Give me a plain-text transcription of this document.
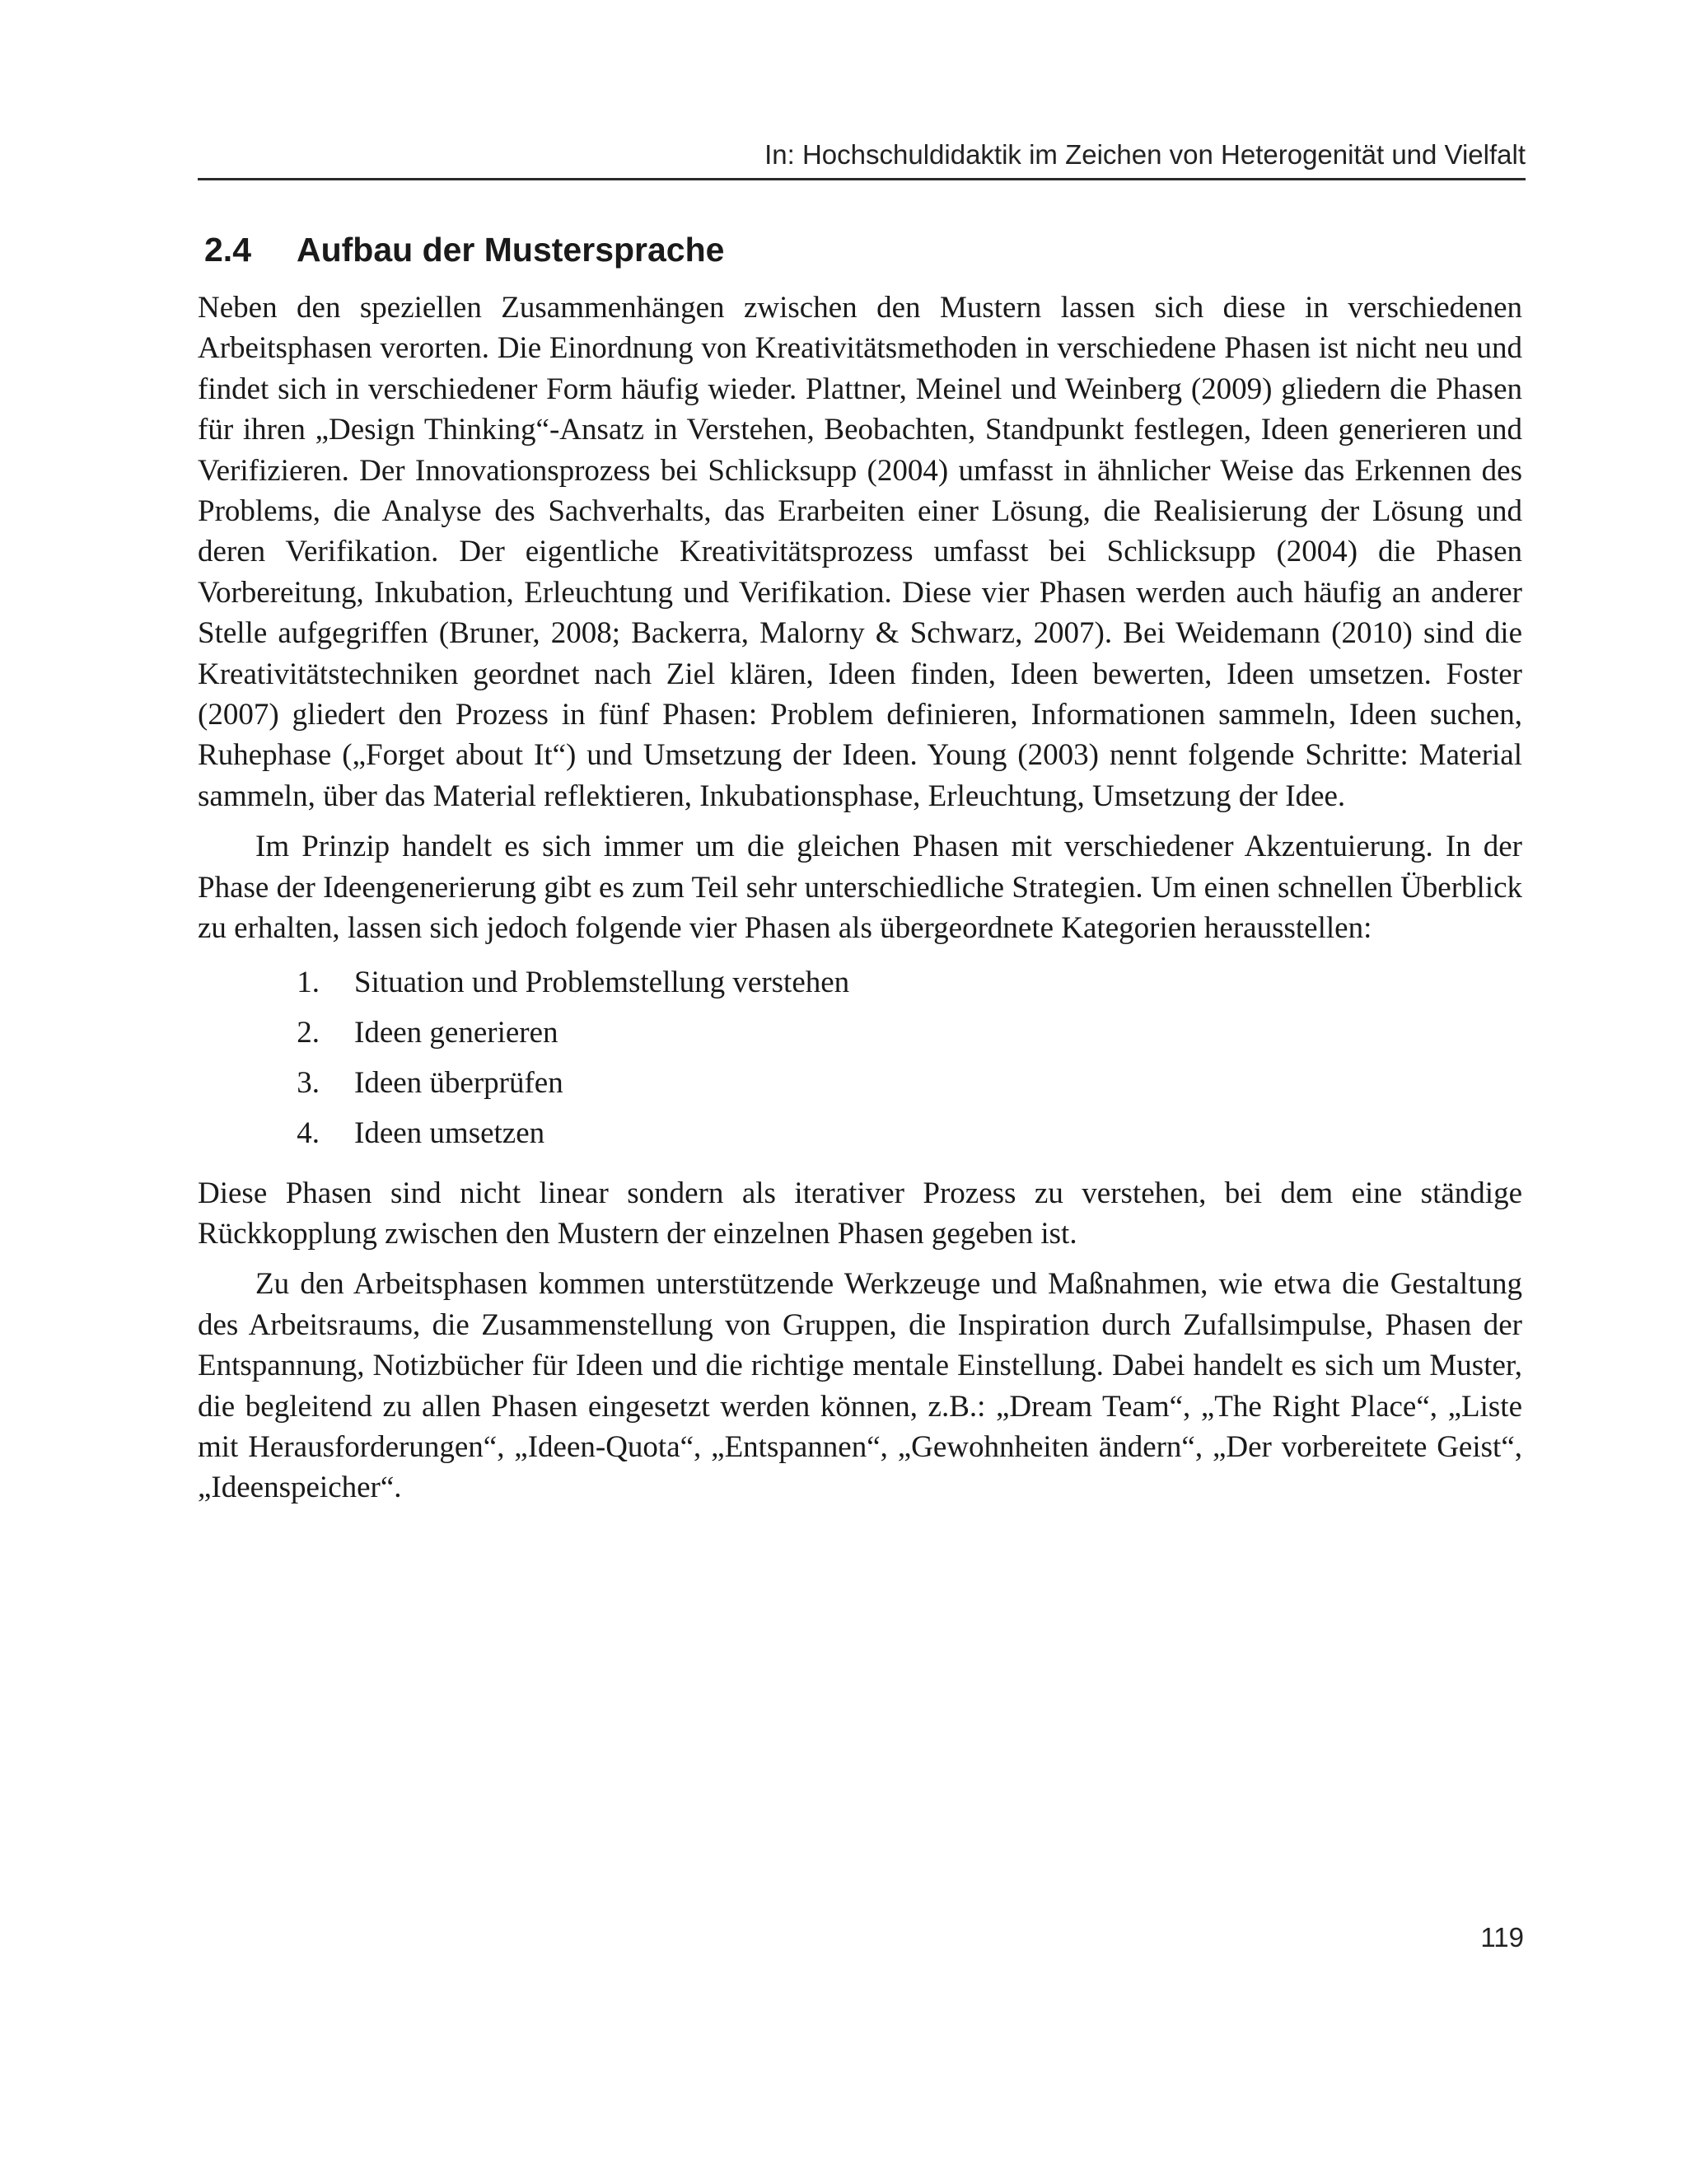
In: Hochschuldidaktik im Zeichen von Heterogenität und Vielfalt
2.4 Aufbau der Mustersprache

Neben den speziellen Zusammenhängen zwischen den Mustern lassen sich diese in verschiedenen Arbeitsphasen verorten. Die Einordnung von Kreativitätsmethoden in verschiedene Phasen ist nicht neu und findet sich in verschiedener Form häufig wieder. Plattner, Meinel und Weinberg (2009) gliedern die Phasen für ihren „Design Thinking“-Ansatz in Verstehen, Beobachten, Standpunkt festlegen, Ideen generieren und Verifizieren. Der Innovationsprozess bei Schlicksupp (2004) umfasst in ähnlicher Weise das Erkennen des Problems, die Analyse des Sachverhalts, das Erarbeiten einer Lösung, die Realisierung der Lösung und deren Verifikation. Der eigentliche Kreativitätsprozess umfasst bei Schlicksupp (2004) die Phasen Vorbereitung, Inkubation, Erleuchtung und Verifikation. Diese vier Phasen werden auch häufig an anderer Stelle aufgegriffen (Bruner, 2008; Backerra, Malorny & Schwarz, 2007). Bei Weidemann (2010) sind die Kreativitätstechniken geordnet nach Ziel klären, Ideen finden, Ideen bewerten, Ideen umsetzen. Foster (2007) gliedert den Prozess in fünf Phasen: Problem definieren, Informationen sammeln, Ideen suchen, Ruhephase („Forget about It“) und Umsetzung der Ideen. Young (2003) nennt folgende Schritte: Material sammeln, über das Material reflektieren, Inkubationsphase, Erleuchtung, Umsetzung der Idee.

Im Prinzip handelt es sich immer um die gleichen Phasen mit verschiedener Akzentuierung. In der Phase der Ideengenerierung gibt es zum Teil sehr unterschiedliche Strategien. Um einen schnellen Überblick zu erhalten, lassen sich jedoch folgende vier Phasen als übergeordnete Kategorien herausstellen:

1.	Situation und Problemstellung verstehen
2.	Ideen generieren
3.	Ideen überprüfen
4.	Ideen umsetzen

Diese Phasen sind nicht linear sondern als iterativer Prozess zu verstehen, bei dem eine ständige Rückkopplung zwischen den Mustern der einzelnen Phasen gegeben ist.

Zu den Arbeitsphasen kommen unterstützende Werkzeuge und Maßnahmen, wie etwa die Gestaltung des Arbeitsraums, die Zusammenstellung von Gruppen, die Inspiration durch Zufallsimpulse, Phasen der Entspannung, Notizbücher für Ideen und die richtige mentale Einstellung. Dabei handelt es sich um Muster, die begleitend zu allen Phasen eingesetzt werden können, z.B.: „Dream Team“, „The Right Place“, „Liste mit Herausforderungen“, „Ideen-Quota“, „Entspannen“, „Gewohnheiten ändern“, „Der vorbereitete Geist“, „Ideenspeicher“.

119
